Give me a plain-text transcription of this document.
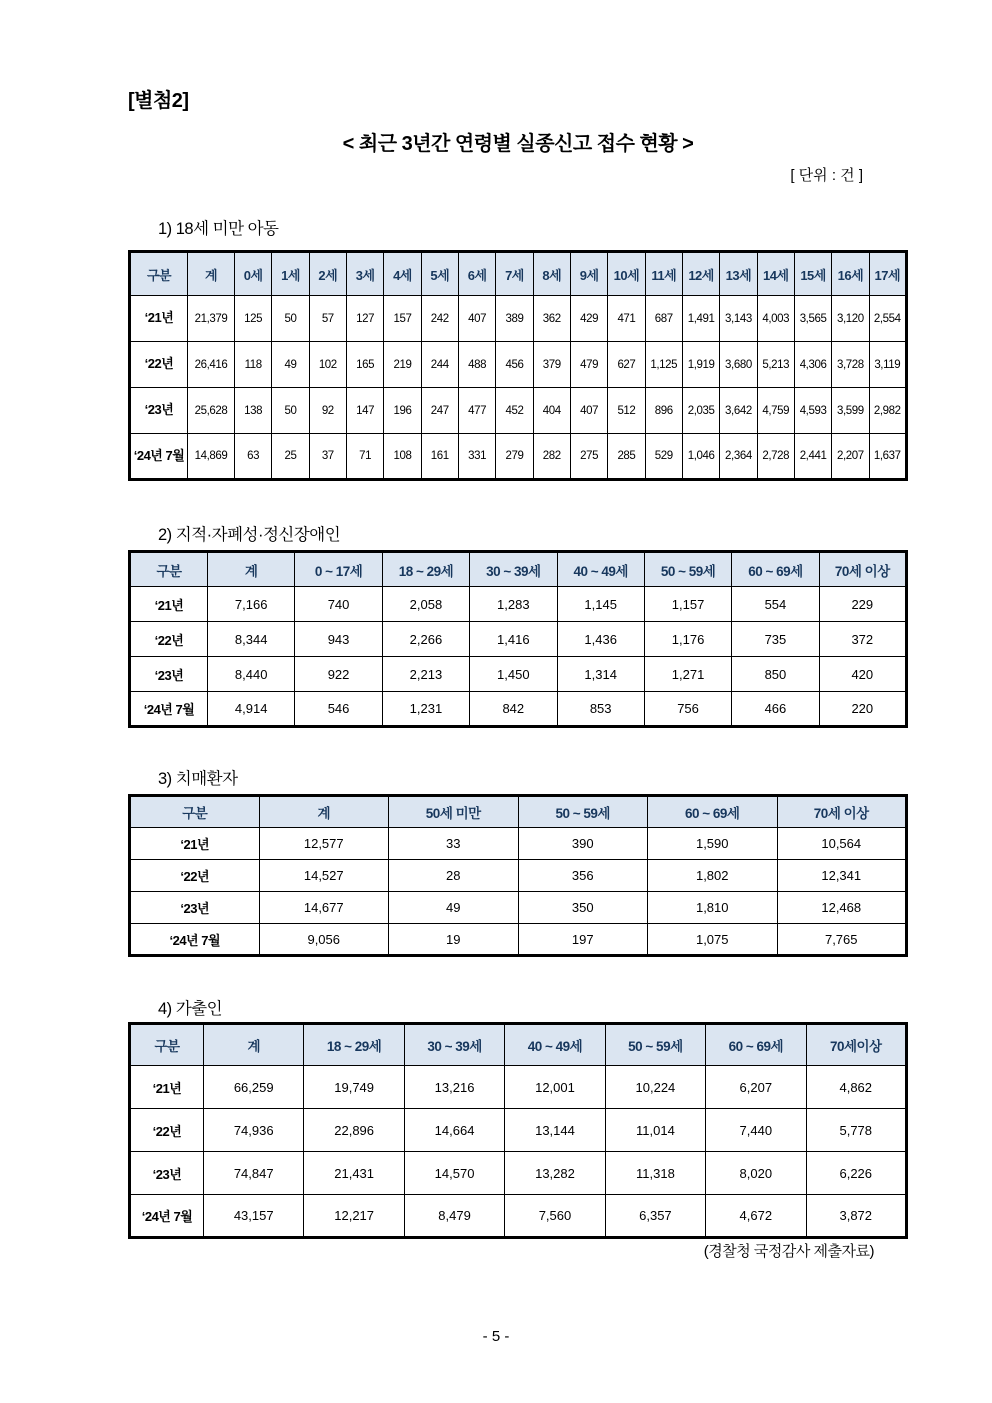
[별첨2]
< 최근 3년간 연령별 실종신고 접수 현황 >
[ 단위 : 건 ]
1) 18세 미만 아동
구분	계	0세	1세	2세	3세	4세	5세	6세	7세	8세	9세	10세	11세	12세	13세	14세	15세	16세	17세
‘21년	21,379	125	50	57	127	157	242	407	389	362	429	471	687	1,491	3,143	4,003	3,565	3,120	2,554
‘22년	26,416	118	49	102	165	219	244	488	456	379	479	627	1,125	1,919	3,680	5,213	4,306	3,728	3,119
‘23년	25,628	138	50	92	147	196	247	477	452	404	407	512	896	2,035	3,642	4,759	4,593	3,599	2,982
‘24년 7월	14,869	63	25	37	71	108	161	331	279	282	275	285	529	1,046	2,364	2,728	2,441	2,207	1,637
2) 지적·자폐성·정신장애인
구분	계	0 ~ 17세	18 ~ 29세	30 ~ 39세	40 ~ 49세	50 ~ 59세	60 ~ 69세	70세 이상
‘21년	7,166	740	2,058	1,283	1,145	1,157	554	229
‘22년	8,344	943	2,266	1,416	1,436	1,176	735	372
‘23년	8,440	922	2,213	1,450	1,314	1,271	850	420
‘24년 7월	4,914	546	1,231	842	853	756	466	220
3) 치매환자
구분	계	50세 미만	50 ~ 59세	60 ~ 69세	70세 이상
‘21년	12,577	33	390	1,590	10,564
‘22년	14,527	28	356	1,802	12,341
‘23년	14,677	49	350	1,810	12,468
‘24년 7월	9,056	19	197	1,075	7,765
4) 가출인
구분	계	18 ~ 29세	30 ~ 39세	40 ~ 49세	50 ~ 59세	60 ~ 69세	70세이상
‘21년	66,259	19,749	13,216	12,001	10,224	6,207	4,862
‘22년	74,936	22,896	14,664	13,144	11,014	7,440	5,778
‘23년	74,847	21,431	14,570	13,282	11,318	8,020	6,226
‘24년 7월	43,157	12,217	8,479	7,560	6,357	4,672	3,872
(경찰청 국정감사 제출자료)
- 5 -
